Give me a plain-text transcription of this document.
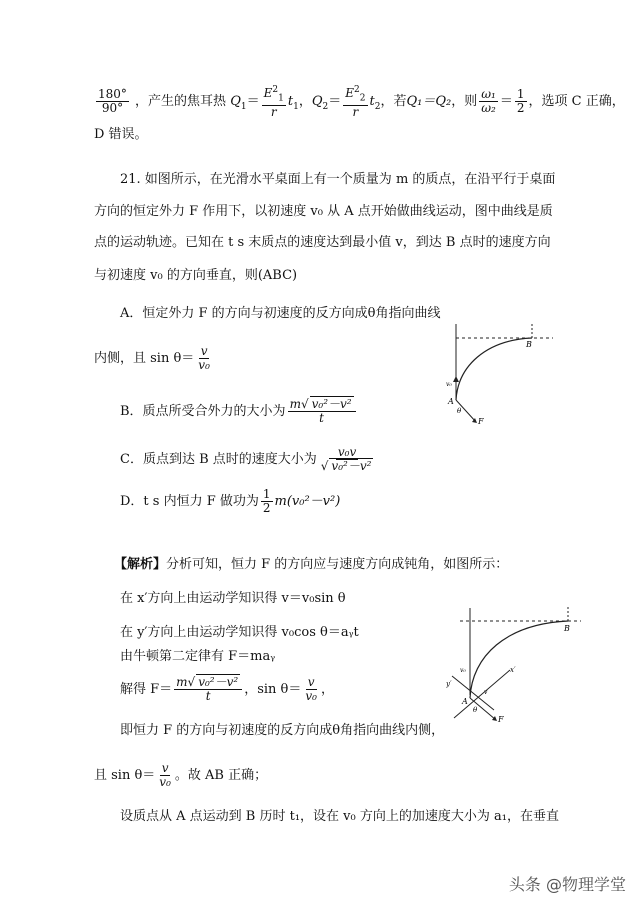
$\frac{180^\circ}{90^\circ}$ ，产生的焦耳热 $Q_1= \frac{E^2_1}{r} t_1$，$Q_2= \frac{E^2_2}{r} t_2$，若Q₁＝Q₂，则 $\frac{\text{ω₁}}{\text{ω₂}} = \frac{1}{2}$ ，选项 C 正确，
D 错误。
21. 如图所示，在光滑水平桌面上有一个质量为 m 的质点，在沿平行于桌面
方向的恒定外力 F 作用下，以初速度 v₀ 从 A 点开始做曲线运动，图中曲线是质
点的运动轨迹。已知在 t s 末质点的速度达到最小值 v，到达 B 点时的速度方向
与初速度 v₀ 的方向垂直，则(ABC)
A．恒定外力 F 的方向与初速度的反方向成θ角指向曲线
内侧，且 $\sin \theta= \frac{v}{\text{v₀}}$
B．质点所受合外力的大小为 $\frac{\text{m√ v₀²－v²}}{t}$
C．质点到达 B 点时的速度大小为 $\frac{\text{v₀v}}{\text{√ v₀²－v²}}$
D．t s 内恒力 F 做功为 $\frac{1}{2} m(v_0^2-v^2)$
B
A
v₀
θ
F
【解析】分析可知，恒力 F 的方向应与速度方向成钝角，如图所示：
在 x′方向上由运动学知识得 v＝v₀sin θ
在 y′方向上由运动学知识得 v₀cos θ＝aᵧt
由牛顿第二定律有 F＝maᵧ
解得 $F= \frac{\text{m√ v₀²－v²}}{t}$ ，$\sin \theta= \frac{v}{\text{v₀}}$ ，
即恒力 F 的方向与初速度的反方向成θ角指向曲线内侧，
且 $\sin \theta= \frac{v}{\text{v₀}}$ 。故 AB 正确；
设质点从 A 点运动到 B 历时 t₁，设在 v₀ 方向上的加速度大小为 a₁，在垂直
B
A
v₀
θ
F
x′
y′
v
头条 @物理学堂
